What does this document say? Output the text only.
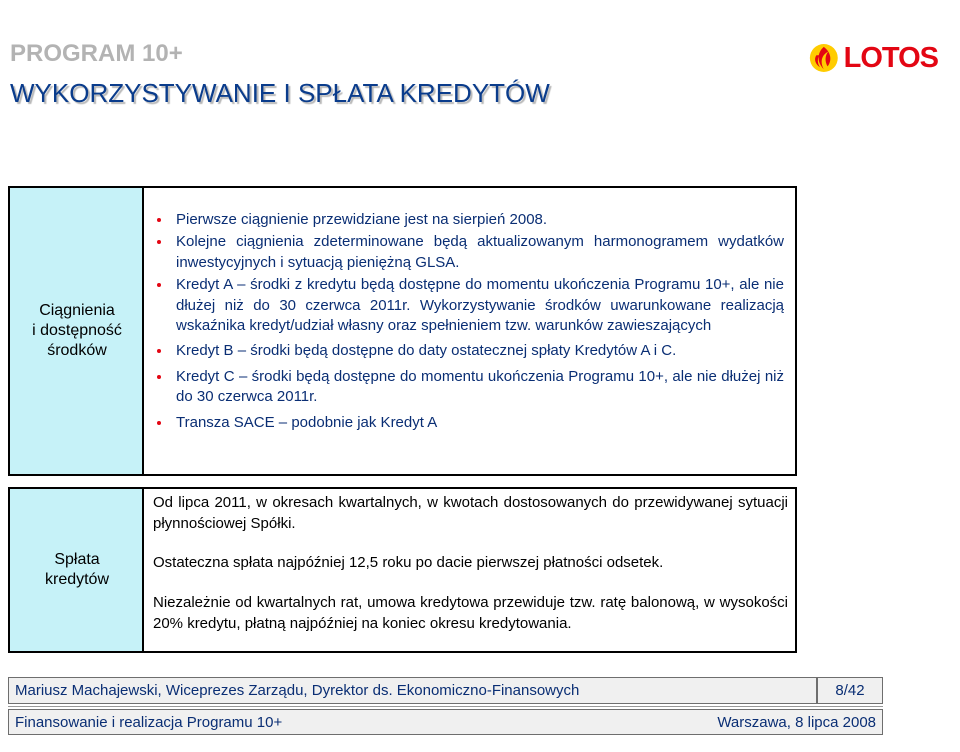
PROGRAM 10+
WYKORZYSTYWANIE I SPŁATA KREDYTÓW
LOTOS
Ciągnienia
i dostępność
środków
Pierwsze ciągnienie przewidziane jest na sierpień 2008.
Kolejne ciągnienia zdeterminowane będą aktualizowanym harmonogramem wydatków inwestycyjnych i sytuacją pieniężną GLSA.
Kredyt A – środki z kredytu będą dostępne do momentu ukończenia Programu 10+, ale nie dłużej niż do 30 czerwca 2011r. Wykorzystywanie środków uwarunkowane realizacją wskaźnika kredyt/udział własny oraz spełnieniem tzw. warunków zawieszających
Kredyt B – środki będą dostępne do daty ostatecznej spłaty Kredytów A i C.
Kredyt C – środki będą dostępne do momentu ukończenia Programu 10+, ale nie dłużej niż do 30 czerwca 2011r.
Transza SACE – podobnie jak Kredyt A
Spłata
kredytów
Od lipca 2011, w okresach kwartalnych, w kwotach dostosowanych do przewidywanej sytuacji płynnościowej Spółki.
Ostateczna spłata najpóźniej 12,5 roku po dacie pierwszej płatności odsetek.
Niezależnie od kwartalnych rat, umowa kredytowa przewiduje tzw. ratę balonową, w wysokości 20% kredytu, płatną najpóźniej na koniec okresu kredytowania.
Mariusz Machajewski, Wiceprezes Zarządu, Dyrektor ds. Ekonomiczno-Finansowych	8/42
Finansowanie i realizacja Programu 10+	Warszawa, 8 lipca 2008
